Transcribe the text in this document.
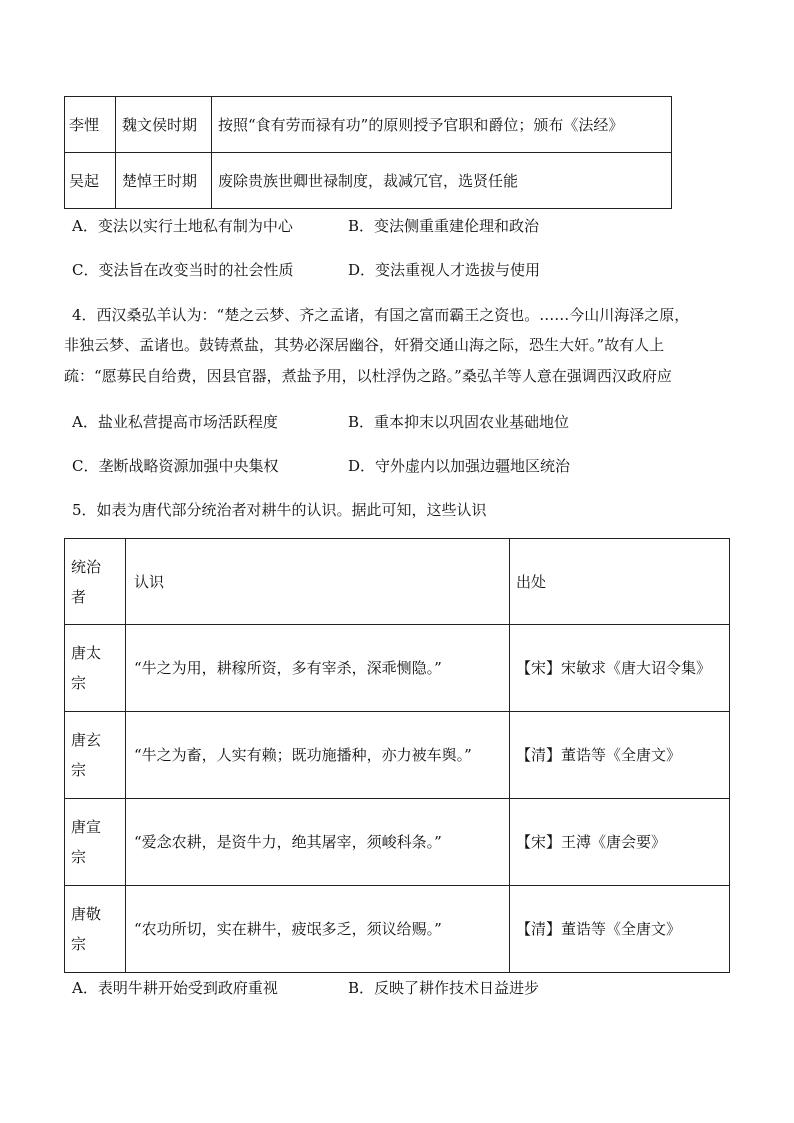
李悝	魏文侯时期	按照“食有劳而禄有功”的原则授予官职和爵位；颁布《法经》
吴起	楚悼王时期	废除贵族世卿世禄制度，裁减冗官，选贤任能
A．变法以实行土地私有制为中心	B．变法侧重重建伦理和政治
C．变法旨在改变当时的社会性质	D．变法重视人才选拔与使用
4．西汉桑弘羊认为：“楚之云梦、齐之孟诸，有国之富而霸王之资也。……今山川海泽之原，
非独云梦、孟诸也。鼓铸煮盐，其势必深居幽谷，奸猾交通山海之际，恐生大奸。”故有人上
疏：“愿募民自给费，因县官器，煮盐予用，以杜浮伪之路。”桑弘羊等人意在强调西汉政府应
A．盐业私营提高市场活跃程度	B．重本抑末以巩固农业基础地位
C．垄断战略资源加强中央集权	D．守外虚内以加强边疆地区统治
5．如表为唐代部分统治者对耕牛的认识。据此可知，这些认识
统治者	认识	出处

唐太宗	“牛之为用，耕稼所资，多有宰杀，深乖恻隐。”	【宋】宋敏求《唐大诏令集》

唐玄宗	“牛之为畜，人实有赖；既功施播种，亦力被车舆。”	【清】董诰等《全唐文》

唐宣宗	“爱念农耕，是资牛力，绝其屠宰，须峻科条。”	【宋】王溥《唐会要》

唐敬宗	“农功所切，实在耕牛，疲氓多乏，须议给赐。”	【清】董诰等《全唐文》
A．表明牛耕开始受到政府重视	B．反映了耕作技术日益进步
